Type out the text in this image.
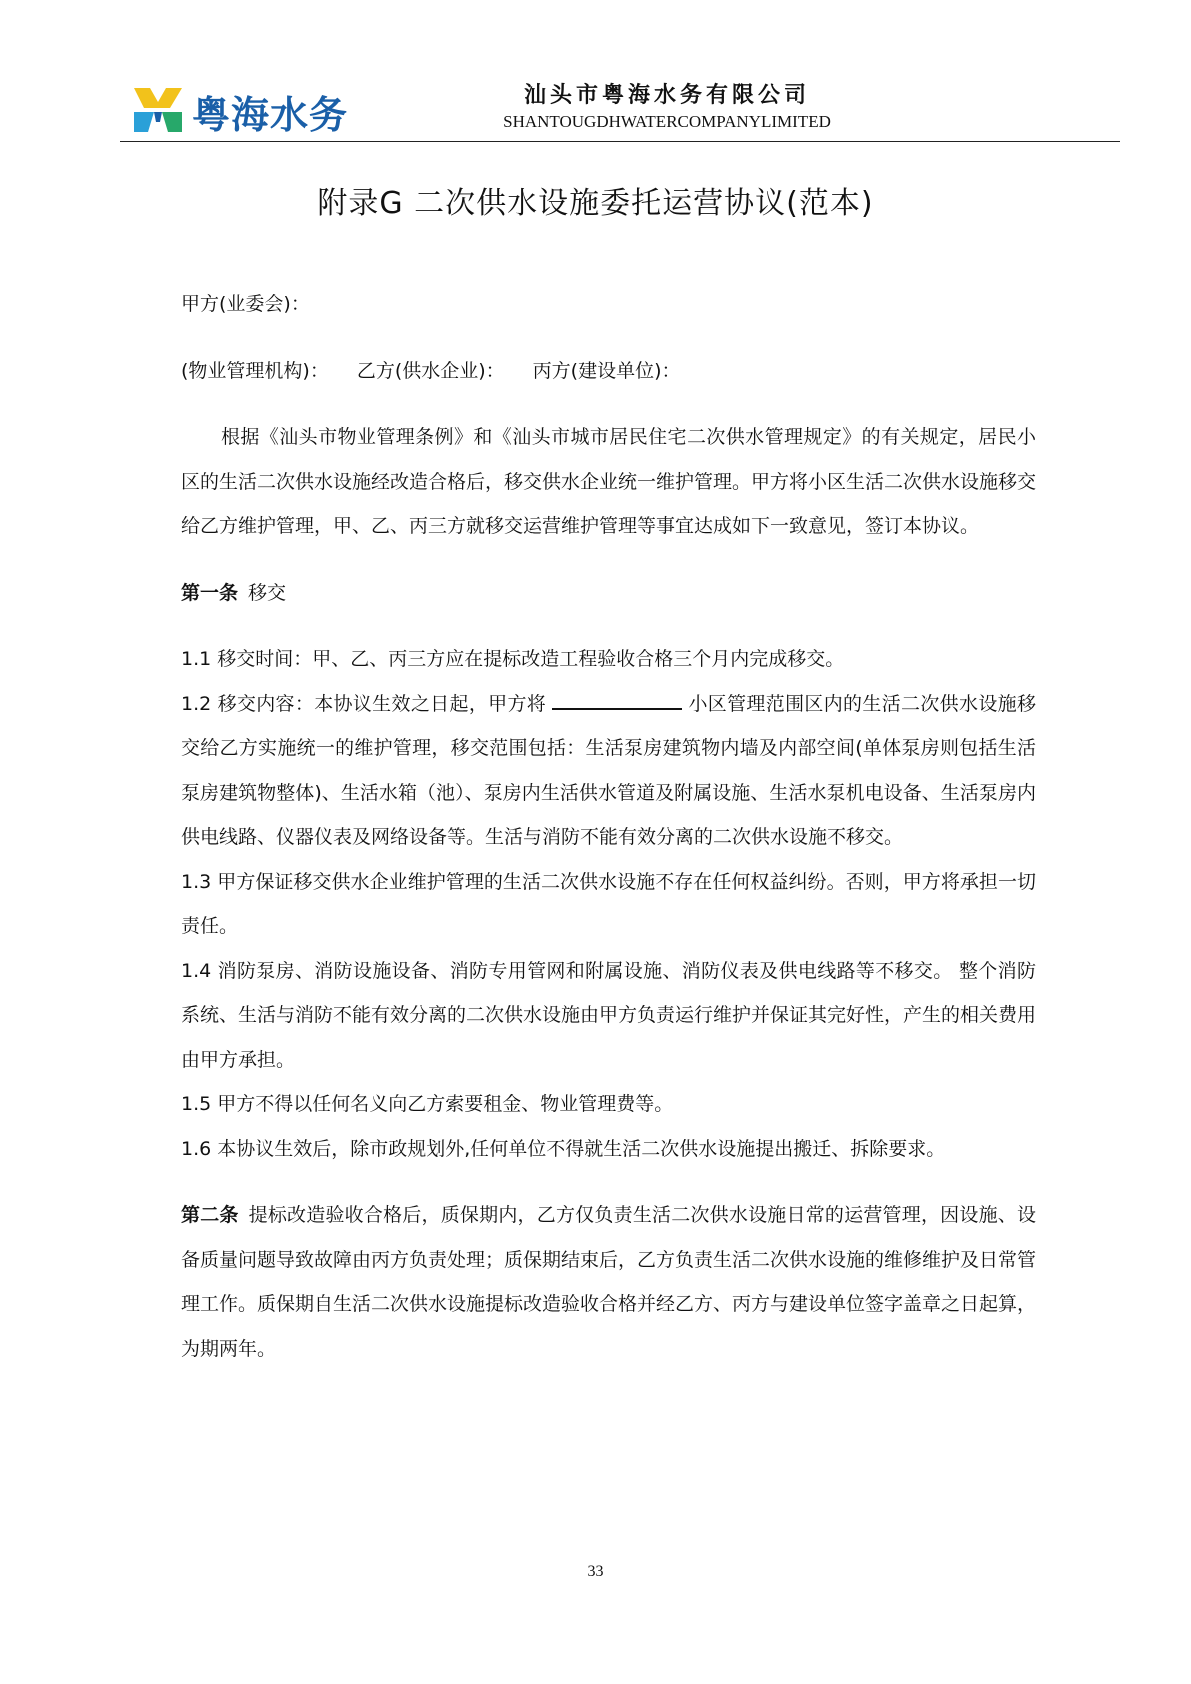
粤海水务	汕头市粤海水务有限公司
SHANTOUGDHWATERCOMPANYLIMITED
附录G 二次供水设施委托运营协议(范本)

甲方(业委会)：

(物业管理机构)： 乙方(供水企业)： 丙方(建设单位)：

根据《汕头市物业管理条例》和《汕头市城市居民住宅二次供水管理规定》的有关规定，居民小区的生活二次供水设施经改造合格后，移交供水企业统一维护管理。甲方将小区生活二次供水设施移交给乙方维护管理，甲、乙、丙三方就移交运营维护管理等事宜达成如下一致意见，签订本协议。

第一条 移交

1.1 移交时间：甲、乙、丙三方应在提标改造工程验收合格三个月内完成移交。

1.2 移交内容：本协议生效之日起，甲方将	小区管理范围区内的生活二次供水设施移交给乙方实施统一的维护管理，移交范围包括：生活泵房建筑物内墙及内部空间(单体泵房则包括生活泵房建筑物整体)、生活水箱（池）、泵房内生活供水管道及附属设施、生活水泵机电设备、生活泵房内供电线路、仪器仪表及网络设备等。生活与消防不能有效分离的二次供水设施不移交。

1.3 甲方保证移交供水企业维护管理的生活二次供水设施不存在任何权益纠纷。否则，甲方将承担一切责任。

1.4 消防泵房、消防设施设备、消防专用管网和附属设施、消防仪表及供电线路等不移交。 整个消防系统、生活与消防不能有效分离的二次供水设施由甲方负责运行维护并保证其完好性，产生的相关费用由甲方承担。

1.5 甲方不得以任何名义向乙方索要租金、物业管理费等。

1.6 本协议生效后，除市政规划外,任何单位不得就生活二次供水设施提出搬迁、拆除要求。

第二条 提标改造验收合格后，质保期内，乙方仅负责生活二次供水设施日常的运营管理，因设施、设备质量问题导致故障由丙方负责处理；质保期结束后，乙方负责生活二次供水设施的维修维护及日常管理工作。质保期自生活二次供水设施提标改造验收合格并经乙方、丙方与建设单位签字盖章之日起算，为期两年。

33
